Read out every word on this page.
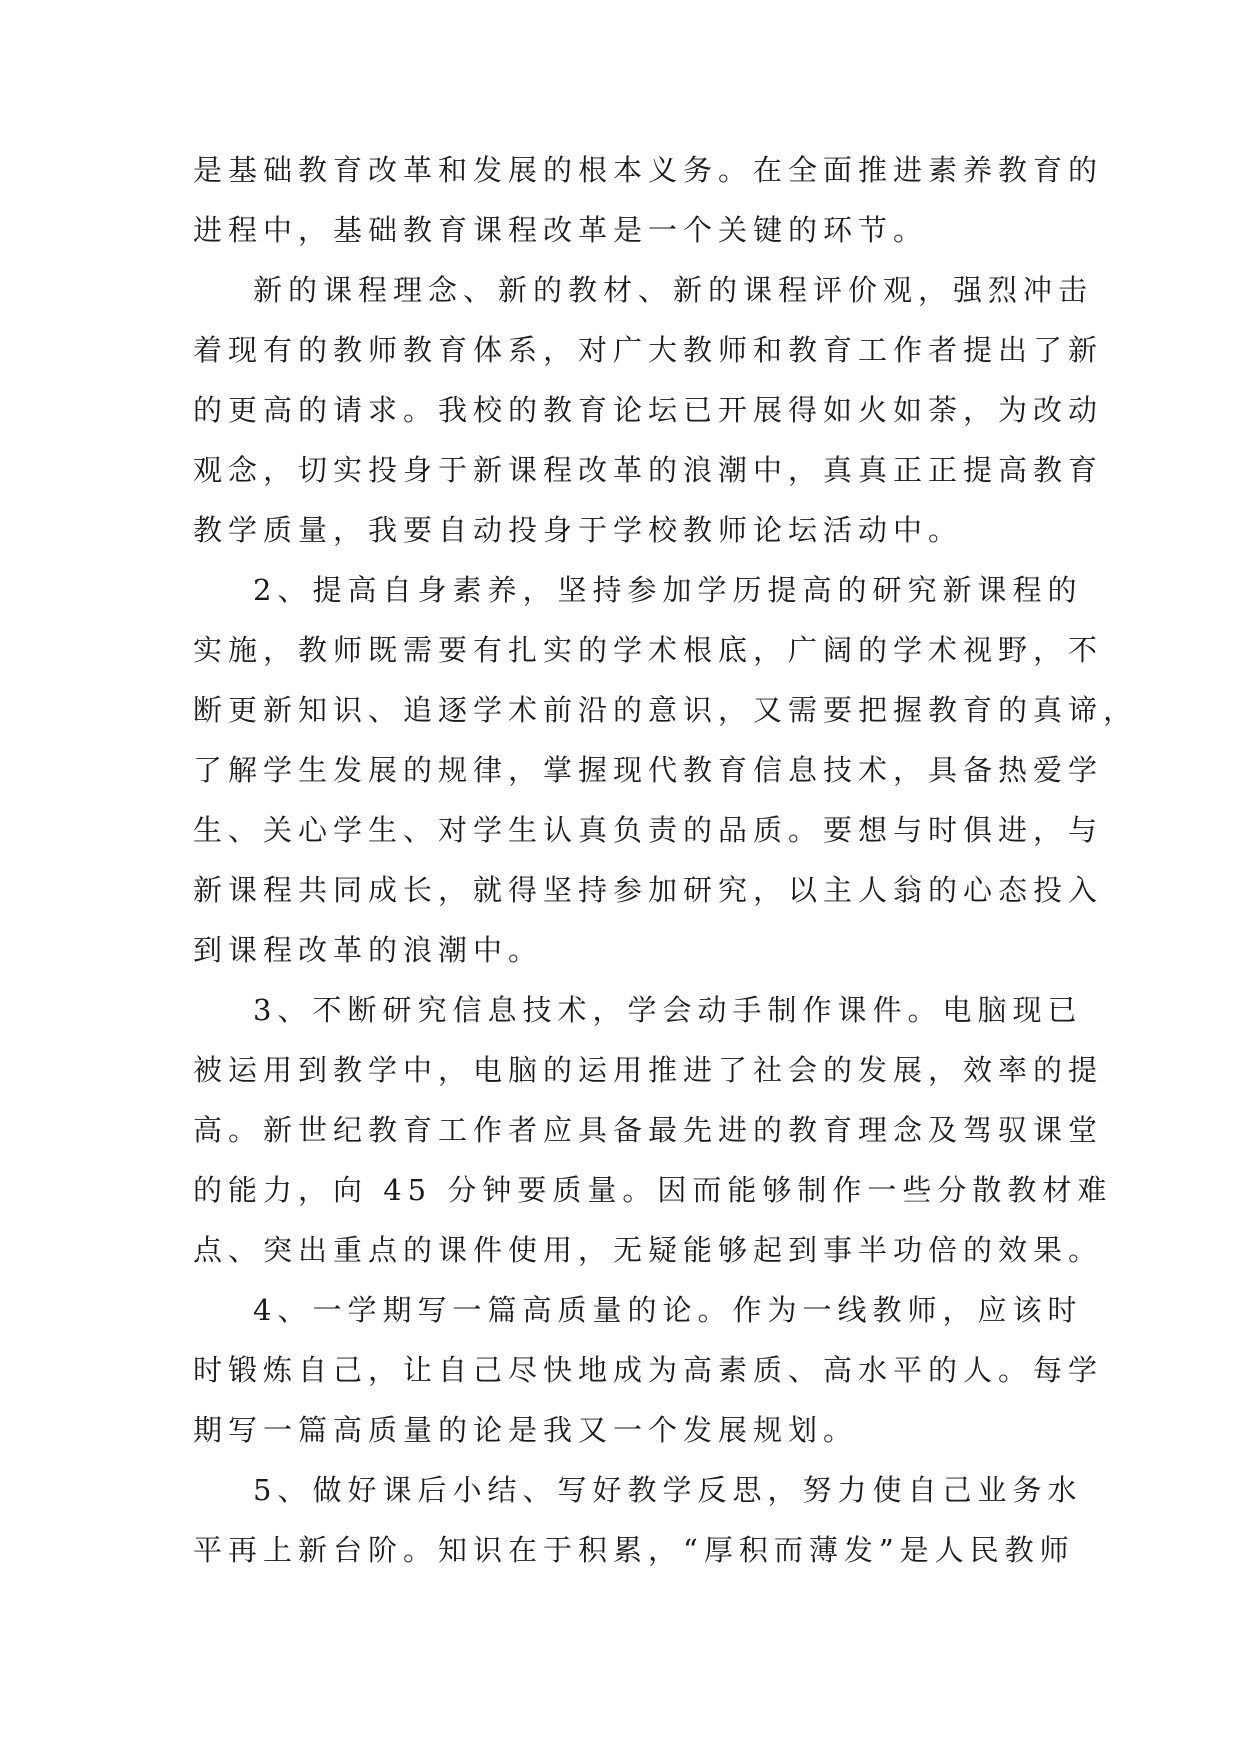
是基础教育改革和发展的根本义务。在全面推进素养教育的
进程中，基础教育课程改革是一个关键的环节。
新的课程理念、新的教材、新的课程评价观，强烈冲击
着现有的教师教育体系，对广大教师和教育工作者提出了新
的更高的请求。我校的教育论坛已开展得如火如荼，为改动
观念，切实投身于新课程改革的浪潮中，真真正正提高教育
教学质量，我要自动投身于学校教师论坛活动中。
2、提高自身素养，坚持参加学历提高的研究新课程的
实施，教师既需要有扎实的学术根底，广阔的学术视野，不
断更新知识、追逐学术前沿的意识，又需要把握教育的真谛，
了解学生发展的规律，掌握现代教育信息技术，具备热爱学
生、关心学生、对学生认真负责的品质。要想与时俱进，与
新课程共同成长，就得坚持参加研究，以主人翁的心态投入
到课程改革的浪潮中。
3、不断研究信息技术，学会动手制作课件。电脑现已
被运用到教学中，电脑的运用推进了社会的发展，效率的提
高。新世纪教育工作者应具备最先进的教育理念及驾驭课堂
的能力，向 45 分钟要质量。因而能够制作一些分散教材难
点、突出重点的课件使用，无疑能够起到事半功倍的效果。
4、一学期写一篇高质量的论。作为一线教师，应该时
时锻炼自己，让自己尽快地成为高素质、高水平的人。每学
期写一篇高质量的论是我又一个发展规划。
5、做好课后小结、写好教学反思，努力使自己业务水
平再上新台阶。知识在于积累，“厚积而薄发”是人民教师
